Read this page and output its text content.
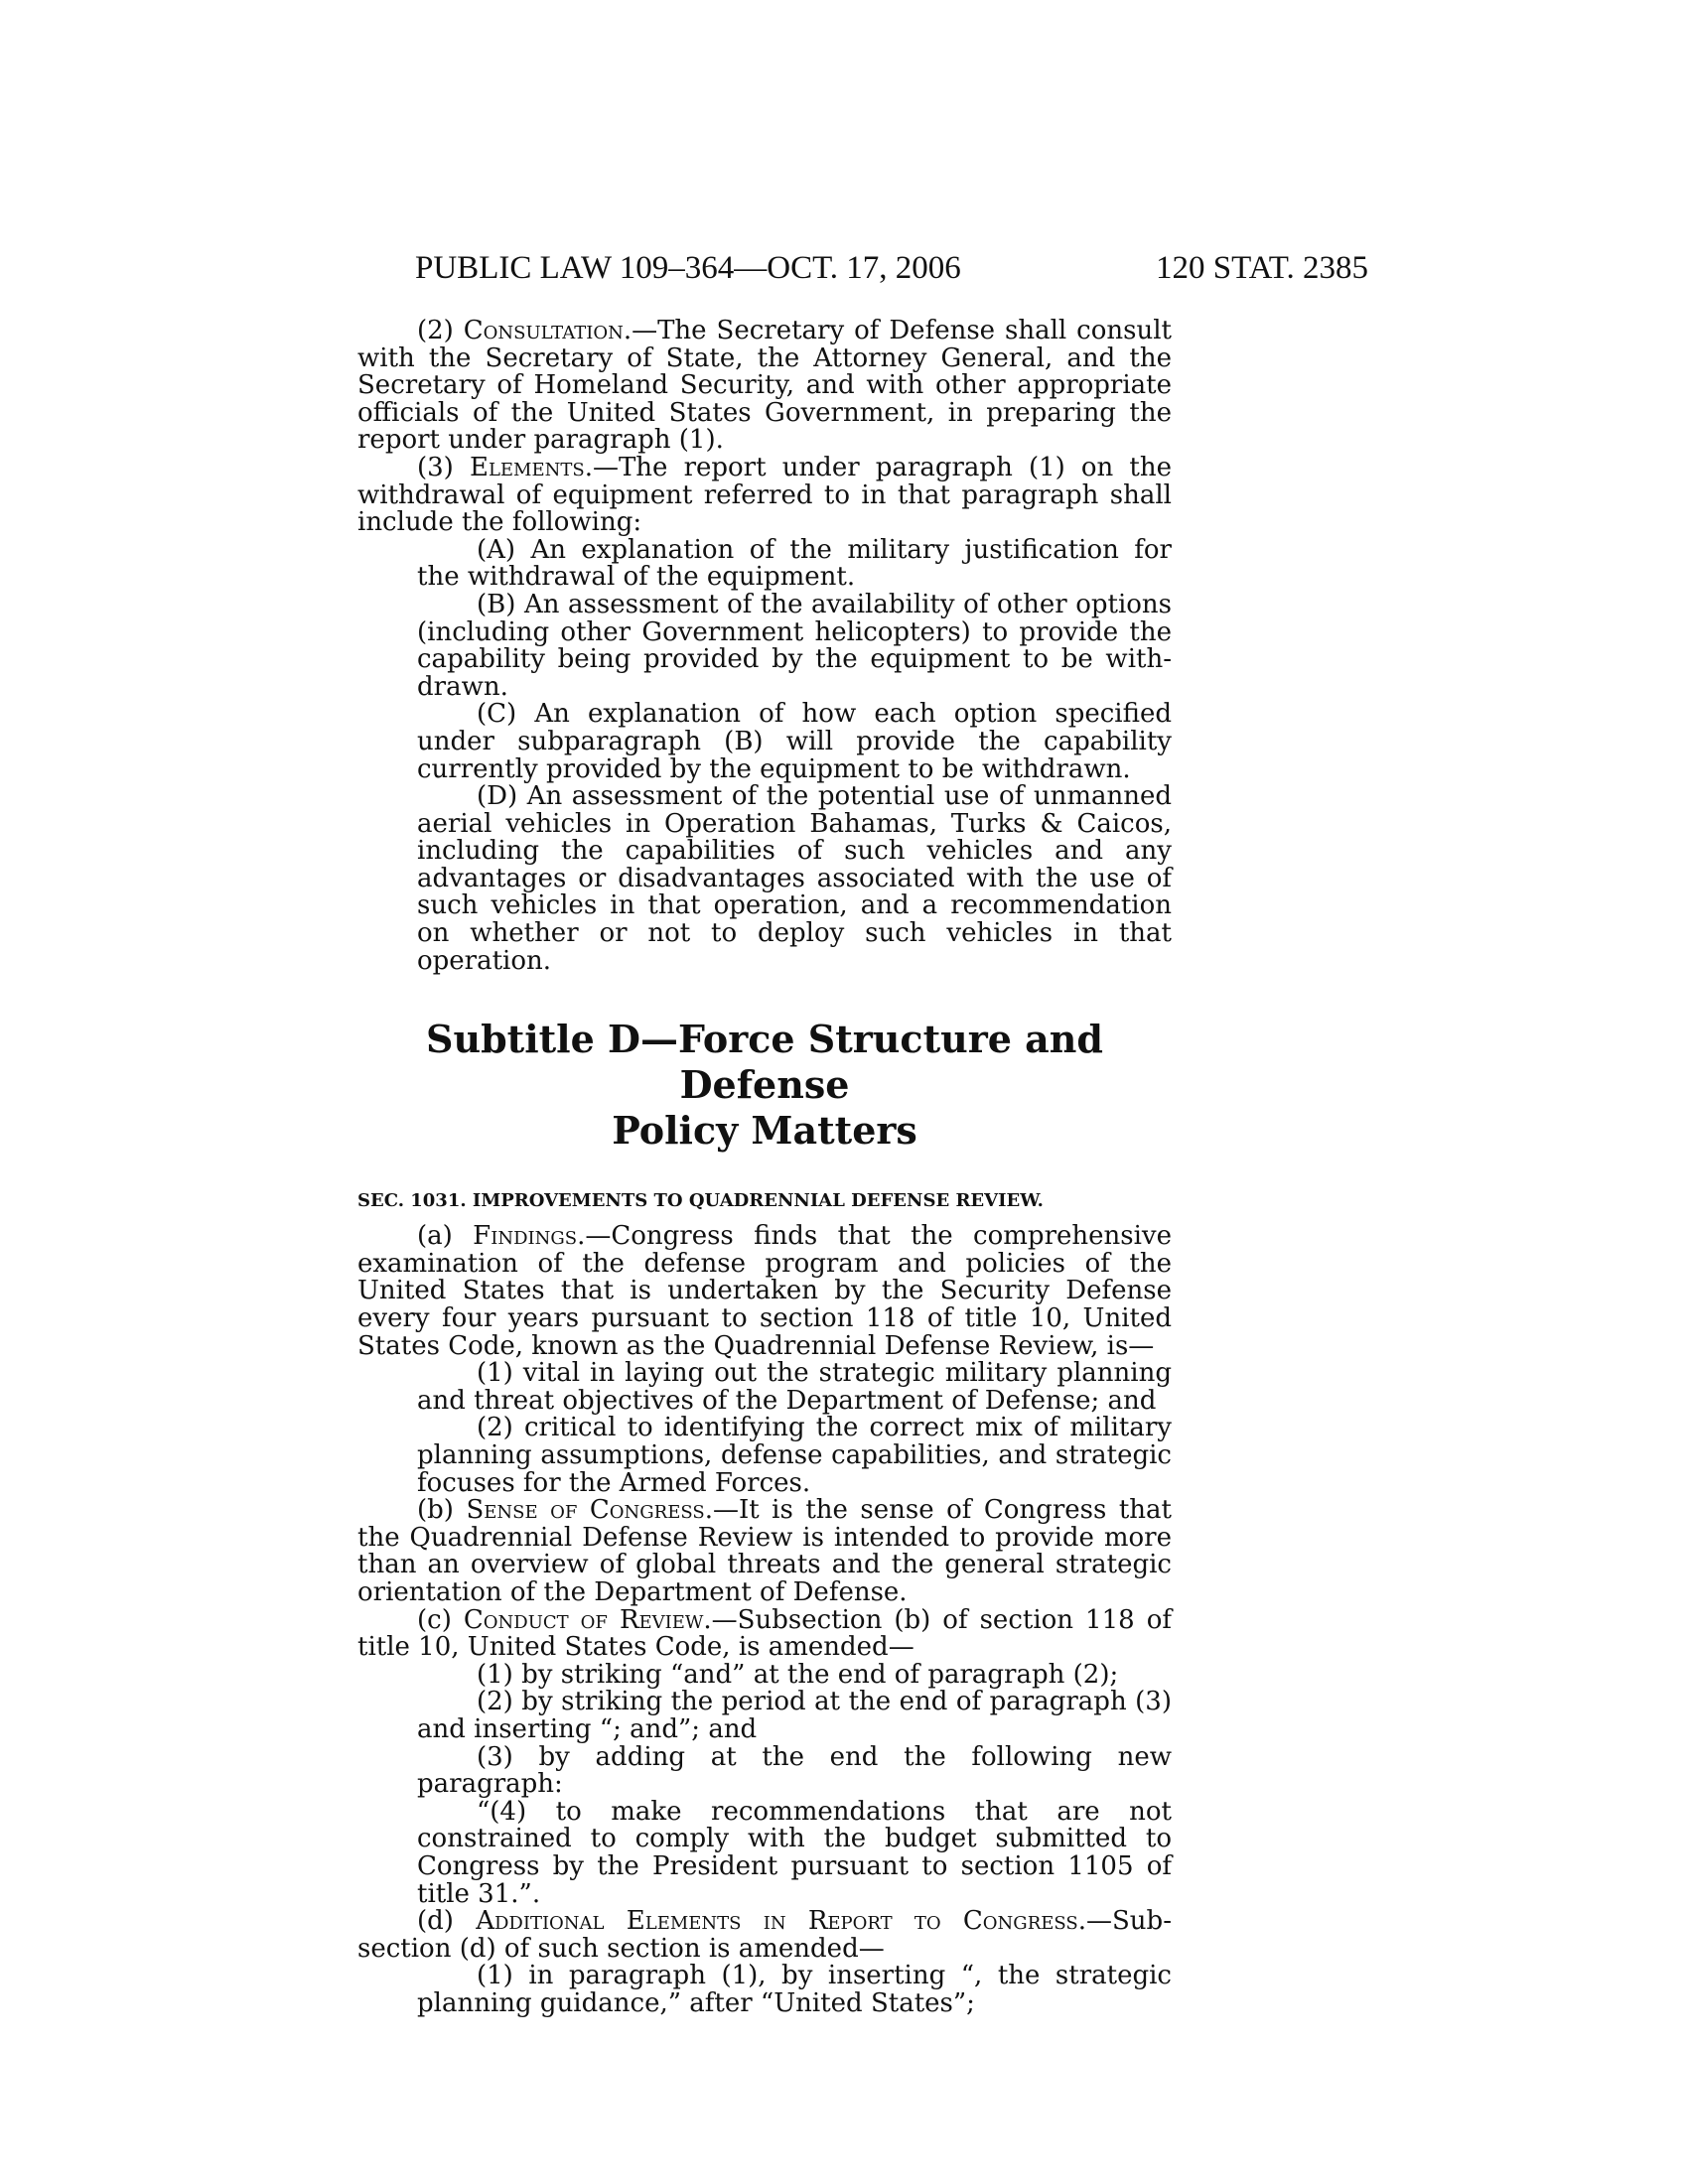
PUBLIC LAW 109–364—OCT. 17, 2006	120 STAT. 2385

(2) Consultation.—The Secretary of Defense shall consult with the Secretary of State, the Attorney General, and the Secretary of Homeland Security, and with other appropriate officials of the United States Government, in preparing the report under paragraph (1).

(3) Elements.—The report under paragraph (1) on the withdrawal of equipment referred to in that paragraph shall include the following:

(A) An explanation of the military justification for the withdrawal of the equipment.

(B) An assessment of the availability of other options (including other Government helicopters) to provide the capability being provided by the equipment to be withdrawn.

(C) An explanation of how each option specified under subparagraph (B) will provide the capability currently provided by the equipment to be withdrawn.

(D) An assessment of the potential use of unmanned aerial vehicles in Operation Bahamas, Turks & Caicos, including the capabilities of such vehicles and any advantages or disadvantages associated with the use of such vehicles in that operation, and a recommendation on whether or not to deploy such vehicles in that operation.

Subtitle D—Force Structure and Defense
Policy Matters

SEC. 1031. IMPROVEMENTS TO QUADRENNIAL DEFENSE REVIEW.

(a) Findings.—Congress finds that the comprehensive examination of the defense program and policies of the United States that is undertaken by the Security Defense every four years pursuant to section 118 of title 10, United States Code, known as the Quadrennial Defense Review, is—

(1) vital in laying out the strategic military planning and threat objectives of the Department of Defense; and

(2) critical to identifying the correct mix of military planning assumptions, defense capabilities, and strategic focuses for the Armed Forces.

(b) Sense of Congress.—It is the sense of Congress that the Quadrennial Defense Review is intended to provide more than an overview of global threats and the general strategic orientation of the Department of Defense.

(c) Conduct of Review.—Subsection (b) of section 118 of title 10, United States Code, is amended—

(1) by striking “and” at the end of paragraph (2);

(2) by striking the period at the end of paragraph (3) and inserting “; and”; and

(3) by adding at the end the following new paragraph:

“(4) to make recommendations that are not constrained to comply with the budget submitted to Congress by the President pursuant to section 1105 of title 31.”.

(d) Additional Elements in Report to Congress.—Subsection (d) of such section is amended—

(1) in paragraph (1), by inserting “, the strategic planning guidance,” after “United States”;
